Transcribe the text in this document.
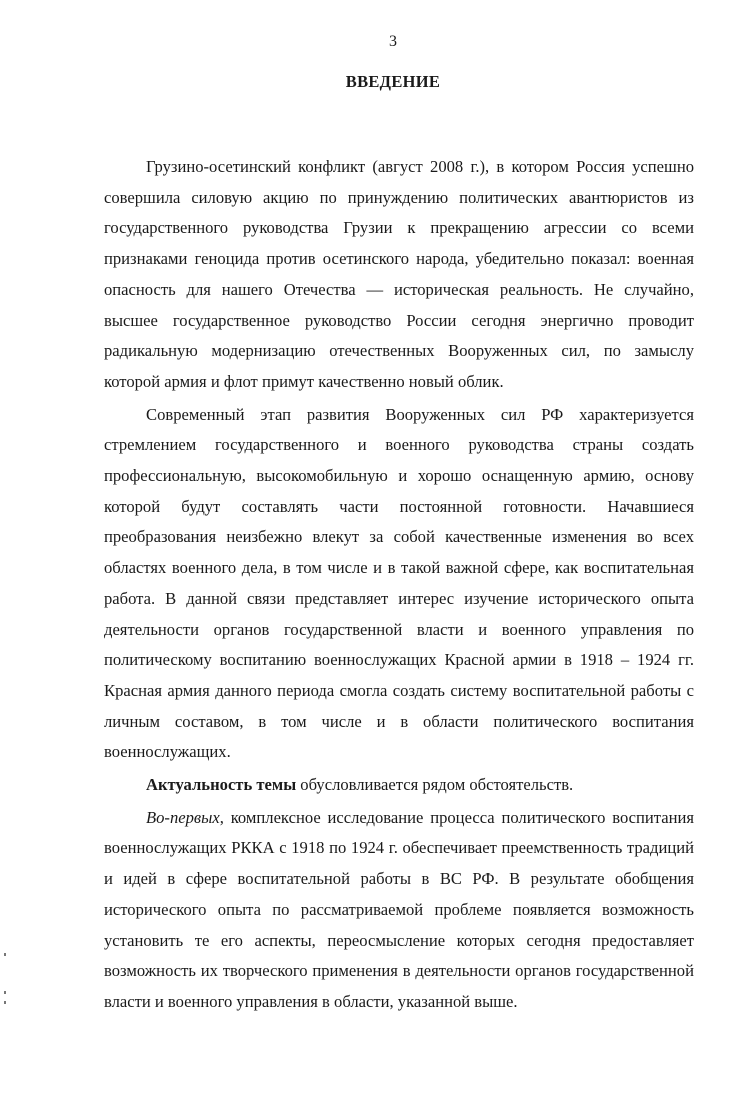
3
ВВЕДЕНИЕ

Грузино-осетинский конфликт (август 2008 г.), в котором Россия успешно совершила силовую акцию по принуждению политических авантюристов из государственного руководства Грузии к прекращению агрессии со всеми признаками геноцида против осетинского народа, убедительно показал: военная опасность для нашего Отечества — историческая реальность. Не случайно, высшее государственное руководство России сегодня энергично проводит радикальную модернизацию отечественных Вооруженных сил, по замыслу которой армия и флот примут качественно новый облик.

Современный этап развития Вооруженных сил РФ характеризуется стремлением государственного и военного руководства страны создать профессиональную, высокомобильную и хорошо оснащенную армию, основу которой будут составлять части постоянной готовности. Начавшиеся преобразования неизбежно влекут за собой качественные изменения во всех областях военного дела, в том числе и в такой важной сфере, как воспитательная работа. В данной связи представляет интерес изучение исторического опыта деятельности органов государственной власти и военного управления по политическому воспитанию военнослужащих Красной армии в 1918 – 1924 гг. Красная армия данного периода смогла создать систему воспитательной работы с личным составом, в том числе и в области политического воспитания военнослужащих.

Актуальность темы обусловливается рядом обстоятельств.

Во-первых, комплексное исследование процесса политического воспитания военнослужащих РККА с 1918 по 1924 г. обеспечивает преемственность традиций и идей в сфере воспитательной работы в ВС РФ. В результате обобщения исторического опыта по рассматриваемой проблеме появляется возможность установить те его аспекты, переосмысление которых сегодня предоставляет возможность их творческого применения в деятельности органов государственной власти и военного управления в области, указанной выше.
